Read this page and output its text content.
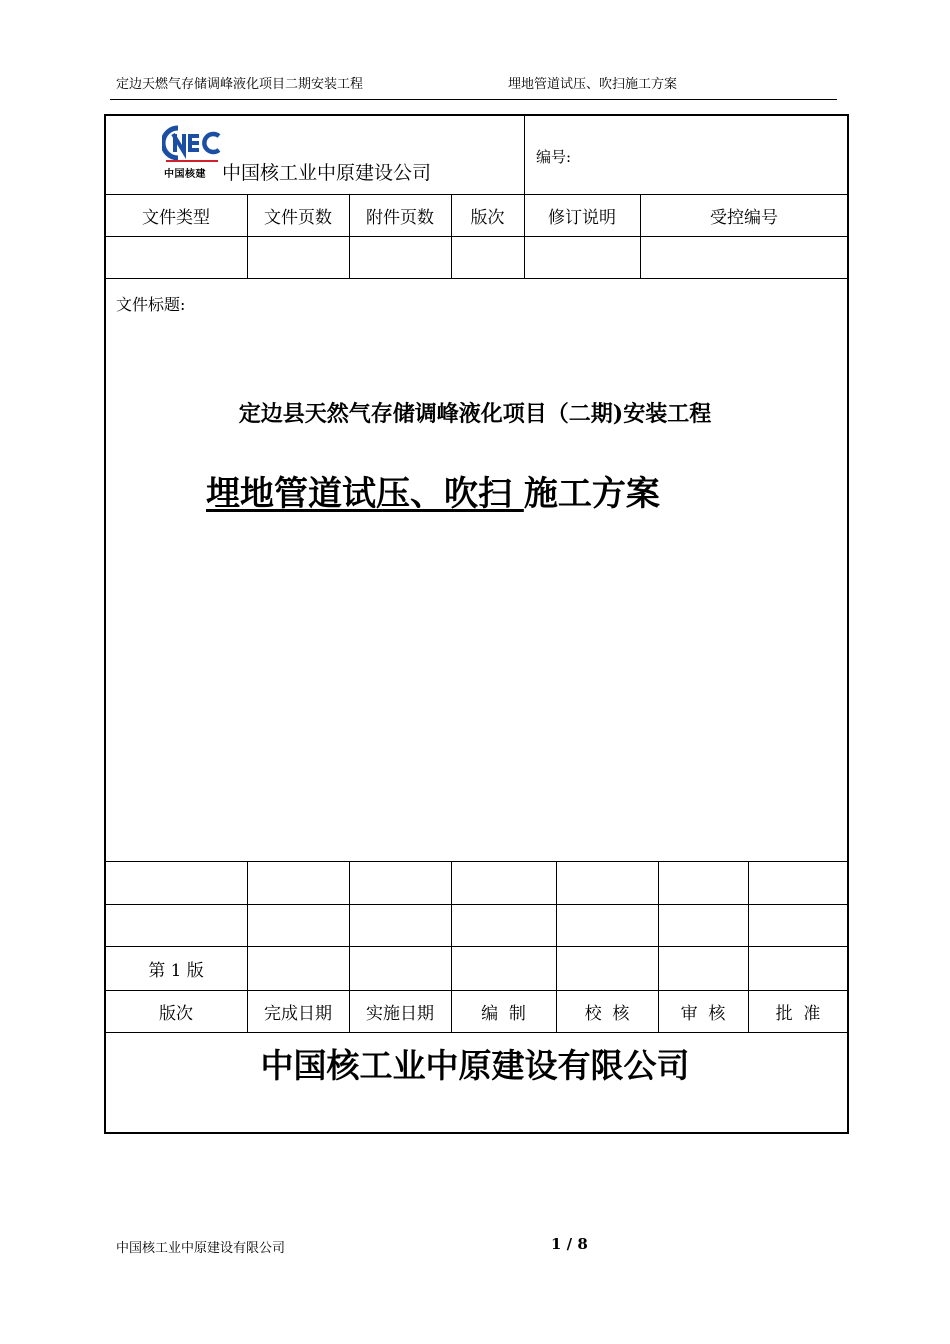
定边天燃气存储调峰液化项目二期安装工程	埋地管道试压、吹扫施工方案
中国核建 中国核工业中原建设公司
编号:
文件类型	文件页数	附件页数	版次	修订说明	受控编号
文件标题:
定边县天然气存储调峰液化项目（二期)安装工程
埋地管道试压、吹扫 施工方案
第 1 版
版次	完成日期	实施日期	编  制	校  核	审  核	批  准
中国核工业中原建设有限公司
中国核工业中原建设有限公司	1 / 8
